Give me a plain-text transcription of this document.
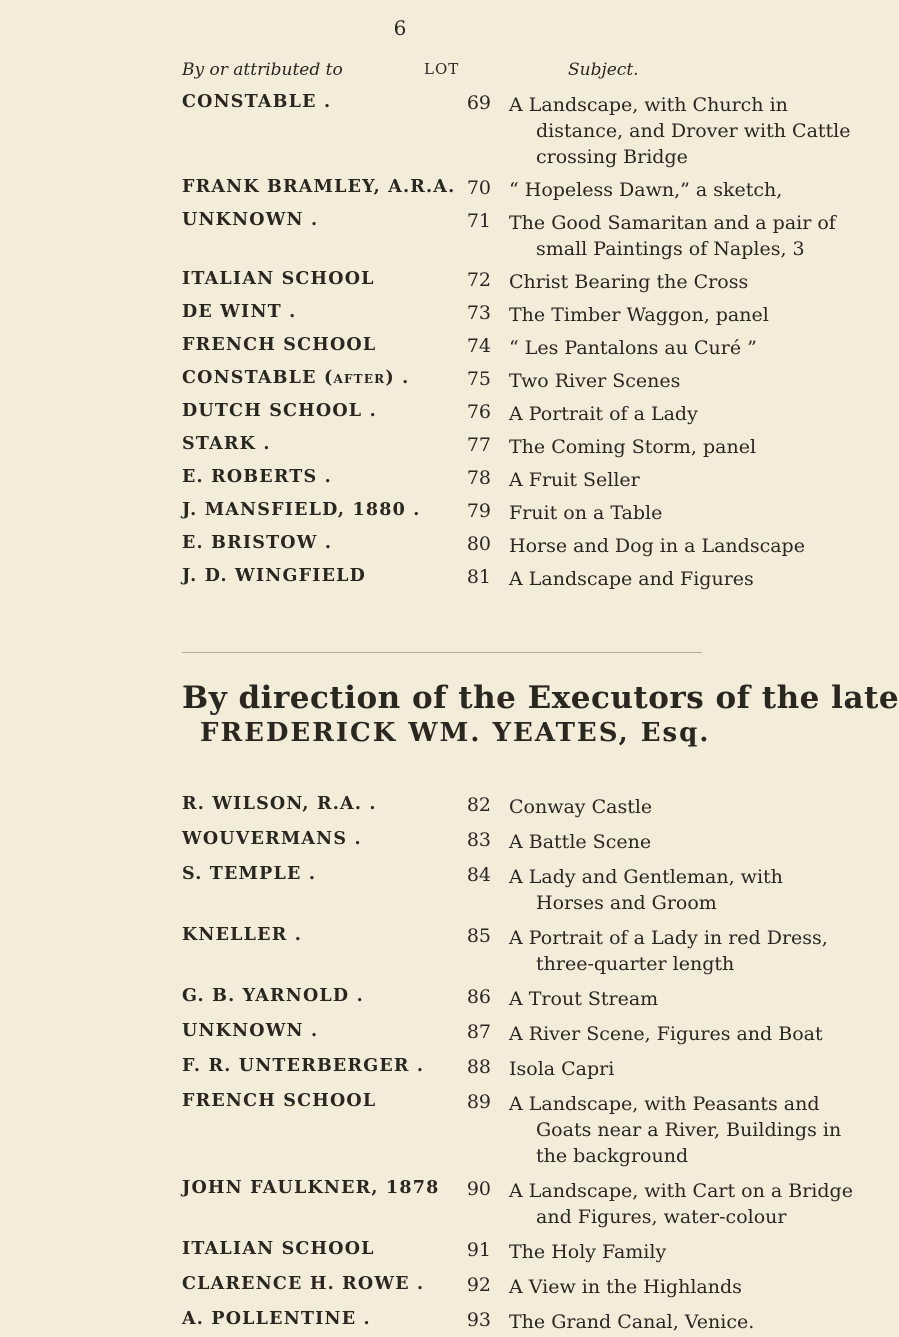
6
By or attributed to	LOT	Subject.
CONSTABLE .	69 A Landscape, with Church in
distance, and Drover with Cattle
crossing Bridge
FRANK BRAMLEY, A.R.A. 70 “ Hopeless Dawn,” a sketch,
UNKNOWN .	71 The Good Samaritan and a pair of
small Paintings of Naples, 3
ITALIAN SCHOOL	72 Christ Bearing the Cross
DE WINT .	73 The Timber Waggon, panel
FRENCH SCHOOL	74 “ Les Pantalons au Curé ”
CONSTABLE (after) .	75 Two River Scenes
DUTCH SCHOOL .	76 A Portrait of a Lady
STARK .	77 The Coming Storm, panel
E. ROBERTS .	78 A Fruit Seller
J. MANSFIELD, 1880 .	79 Fruit on a Table
E. BRISTOW .	80 Horse and Dog in a Landscape
J. D. WINGFIELD	81 A Landscape and Figures
By direction of the Executors of the late
FREDERICK WM. YEATES, Esq.
R. WILSON, R.A. .	82 Conway Castle
WOUVERMANS .	83 A Battle Scene
S. TEMPLE .	84 A Lady and Gentleman, with
Horses and Groom
KNELLER .	85 A Portrait of a Lady in red Dress,
three-quarter length
G. B. YARNOLD .	86 A Trout Stream
UNKNOWN .	87 A River Scene, Figures and Boat
F. R. UNTERBERGER .	88 Isola Capri
FRENCH SCHOOL	89 A Landscape, with Peasants and
Goats near a River, Buildings in
the background
JOHN FAULKNER, 1878	90 A Landscape, with Cart on a Bridge
and Figures, water-colour
ITALIAN SCHOOL	91 The Holy Family
CLARENCE H. ROWE .	92 A View in the Highlands
A. POLLENTINE .	93 The Grand Canal, Venice.
